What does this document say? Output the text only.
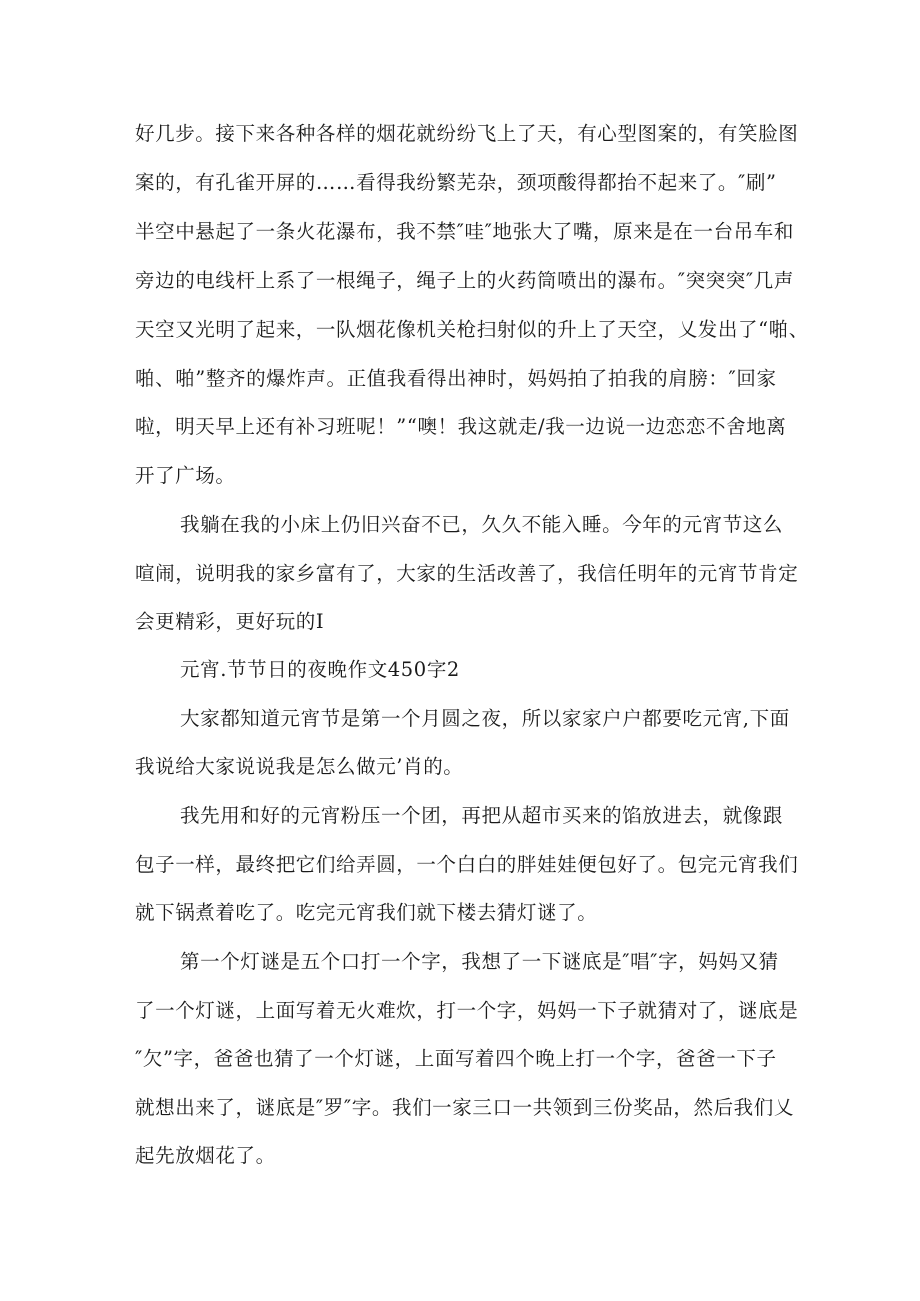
好几步。接下来各种各样的烟花就纷纷飞上了天，有心型图案的，有笑脸图
案的，有孔雀开屏的……看得我纷繁芜杂，颈项酸得都抬不起来了。″刷”
半空中悬起了一条火花瀑布，我不禁″哇″地张大了嘴，原来是在一台吊车和
旁边的电线杆上系了一根绳子，绳子上的火药筒喷出的瀑布。″突突突″几声
天空又光明了起来，一队烟花像机关枪扫射似的升上了天空，乂发出了“啪、
啪、啪”整齐的爆炸声。正值我看得出神时，妈妈拍了拍我的肩膀：″回家
啦，明天早上还有补习班呢！”“噢！我这就走/我一边说一边恋恋不舍地离
开了广场。
我躺在我的小床上仍旧兴奋不已，久久不能入睡。今年的元宵节这么
喧闹，说明我的家乡富有了，大家的生活改善了，我信任明年的元宵节肯定
会更精彩，更好玩的I
元宵.节节日的夜晚作文450字2
大家都知道元宵节是第一个月圆之夜，所以家家户户都要吃元宵,下面
我说给大家说说我是怎么做元’肖的。
我先用和好的元宵粉压一个团，再把从超市买来的馅放进去，就像跟
包子一样，最终把它们给弄圆，一个白白的胖娃娃便包好了。包完元宵我们
就下锅煮着吃了。吃完元宵我们就下楼去猜灯谜了。
第一个灯谜是五个口打一个字，我想了一下谜底是″唱″字，妈妈又猜
了一个灯谜，上面写着无火难炊，打一个字，妈妈一下子就猜对了，谜底是
″欠”字，爸爸也猜了一个灯谜，上面写着四个晚上打一个字，爸爸一下子
就想出来了，谜底是″罗″字。我们一家三口一共领到三份奖品，然后我们乂
起先放烟花了。
